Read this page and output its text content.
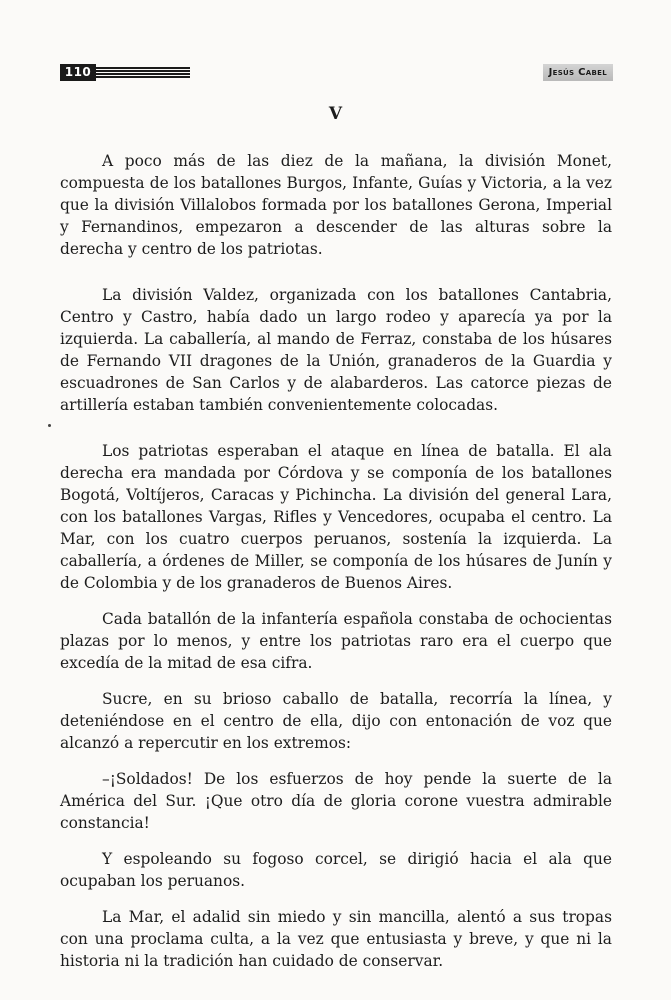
110	Jesús Cabel
V

A poco más de las diez de la mañana, la división Monet, compuesta de los batallones Burgos, Infante, Guías y Victoria, a la vez que la división Villalobos formada por los batallones Gerona, Imperial y Fernandinos, empezaron a descender de las alturas sobre la derecha y centro de los patriotas.

La división Valdez, organizada con los batallones Cantabria, Centro y Castro, había dado un largo rodeo y aparecía ya por la izquierda. La caballería, al mando de Ferraz, constaba de los húsares de Fernando VII dragones de la Unión, granaderos de la Guardia y escuadrones de San Carlos y de alabarderos. Las catorce piezas de artillería estaban también convenientemente colocadas.

Los patriotas esperaban el ataque en línea de batalla. El ala derecha era mandada por Córdova y se componía de los batallones Bogotá, Voltíjeros, Caracas y Pichincha. La división del general Lara, con los batallones Vargas, Rifles y Vencedores, ocupaba el centro. La Mar, con los cuatro cuerpos peruanos, sostenía la izquierda. La caballería, a órdenes de Miller, se componía de los húsares de Junín y de Colombia y de los granaderos de Buenos Aires.

Cada batallón de la infantería española constaba de ochocientas plazas por lo menos, y entre los patriotas raro era el cuerpo que excedía de la mitad de esa cifra.

Sucre, en su brioso caballo de batalla, recorría la línea, y deteniéndose en el centro de ella, dijo con entonación de voz que alcanzó a repercutir en los extremos:

–¡Soldados! De los esfuerzos de hoy pende la suerte de la América del Sur. ¡Que otro día de gloria corone vuestra admirable constancia!

Y espoleando su fogoso corcel, se dirigió hacia el ala que ocupaban los peruanos.

La Mar, el adalid sin miedo y sin mancilla, alentó a sus tropas con una proclama culta, a la vez que entusiasta y breve, y que ni la historia ni la tradición han cuidado de conservar.
